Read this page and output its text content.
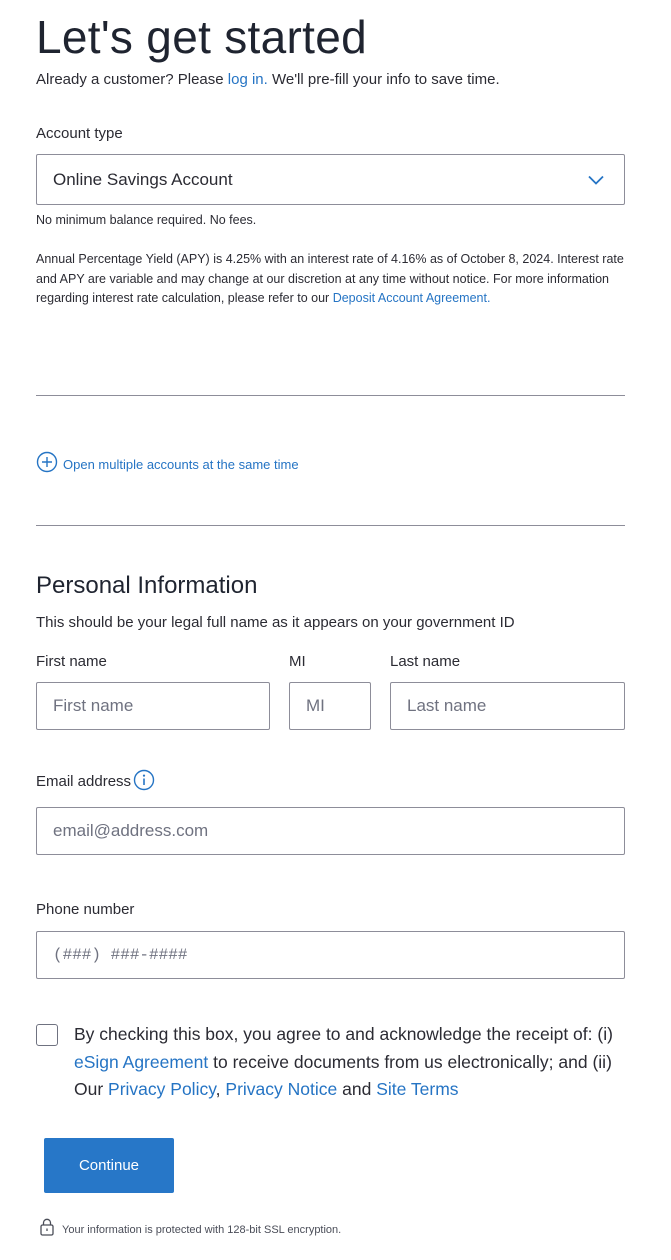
Let's get started
Already a customer? Please log in. We'll pre-fill your info to save time.
Account type
Online Savings Account
No minimum balance required. No fees.
Annual Percentage Yield (APY) is 4.25% with an interest rate of 4.16% as of October 8, 2024. Interest rate and APY are variable and may change at our discretion at any time without notice. For more information regarding interest rate calculation, please refer to our Deposit Account Agreement.
Open multiple accounts at the same time
Personal Information
This should be your legal full name as it appears on your government ID
First name	MI	Last name
First name
MI
Last name
Email address
email@address.com
Phone number
(###) ###-####
By checking this box, you agree to and acknowledge the receipt of: (i) eSign Agreement to receive documents from us electronically; and (ii) Our Privacy Policy, Privacy Notice and Site Terms
Continue
Your information is protected with 128-bit SSL encryption.
